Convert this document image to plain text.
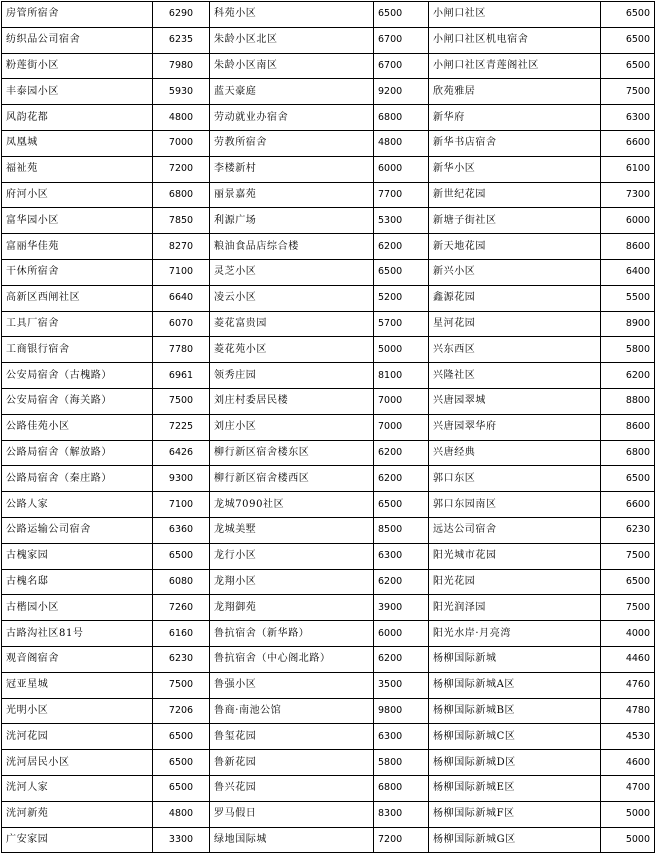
房管所宿舍	6290	科苑小区	6500	小闸口社区	6500
纺织品公司宿舍	6235	朱龄小区北区	6700	小闸口社区机电宿舍	6500
粉莲街小区	7980	朱龄小区南区	6700	小闸口社区青莲阁社区	6500
丰泰园小区	5930	蓝天豪庭	9200	欣苑雅居	7500
风韵花都	4800	劳动就业办宿舍	6800	新华府	6300
凤凰城	7000	劳教所宿舍	4800	新华书店宿舍	6600
福祉苑	7200	李楼新村	6000	新华小区	6100
府河小区	6800	丽景嘉苑	7700	新世纪花园	7300
富华园小区	7850	利源广场	5300	新塘子街社区	6000
富丽华佳苑	8270	粮油食品店综合楼	6200	新天地花园	8600
干休所宿舍	7100	灵芝小区	6500	新兴小区	6400
高新区西闸社区	6640	凌云小区	5200	鑫源花园	5500
工具厂宿舍	6070	菱花富贵园	5700	星河花园	8900
工商银行宿舍	7780	菱花苑小区	5000	兴东西区	5800
公安局宿舍（古槐路）	6961	领秀庄园	8100	兴隆社区	6200
公安局宿舍（海关路）	7500	刘庄村委居民楼	7000	兴唐园翠城	8800
公路佳苑小区	7225	刘庄小区	7000	兴唐园翠华府	8600
公路局宿舍（解放路）	6426	柳行新区宿舍楼东区	6200	兴唐经典	6800
公路局宿舍（秦庄路）	9300	柳行新区宿舍楼西区	6200	郭口东区	6500
公路人家	7100	龙城7090社区	6500	郭口东园南区	6600
公路运输公司宿舍	6360	龙城美墅	8500	远达公司宿舍	6230
古槐家园	6500	龙行小区	6300	阳光城市花园	7500
古槐名邸	6080	龙翔小区	6200	阳光花园	6500
古楷园小区	7260	龙翔御苑	3900	阳光润泽园	7500
古路沟社区81号	6160	鲁抗宿舍（新华路）	6000	阳光水岸·月亮湾	4000
观音阁宿舍	6230	鲁抗宿舍（中心阁北路）	6200	杨柳国际新城	4460
冠亚星城	7500	鲁强小区	3500	杨柳国际新城A区	4760
光明小区	7206	鲁商·南池公馆	9800	杨柳国际新城B区	4780
洸河花园	6500	鲁玺花园	6300	杨柳国际新城C区	4530
洸河居民小区	6500	鲁新花园	5800	杨柳国际新城D区	4600
洸河人家	6500	鲁兴花园	6800	杨柳国际新城E区	4700
洸河新苑	4800	罗马假日	8300	杨柳国际新城F区	5000
广安家园	3300	绿地国际城	7200	杨柳国际新城G区	5000
